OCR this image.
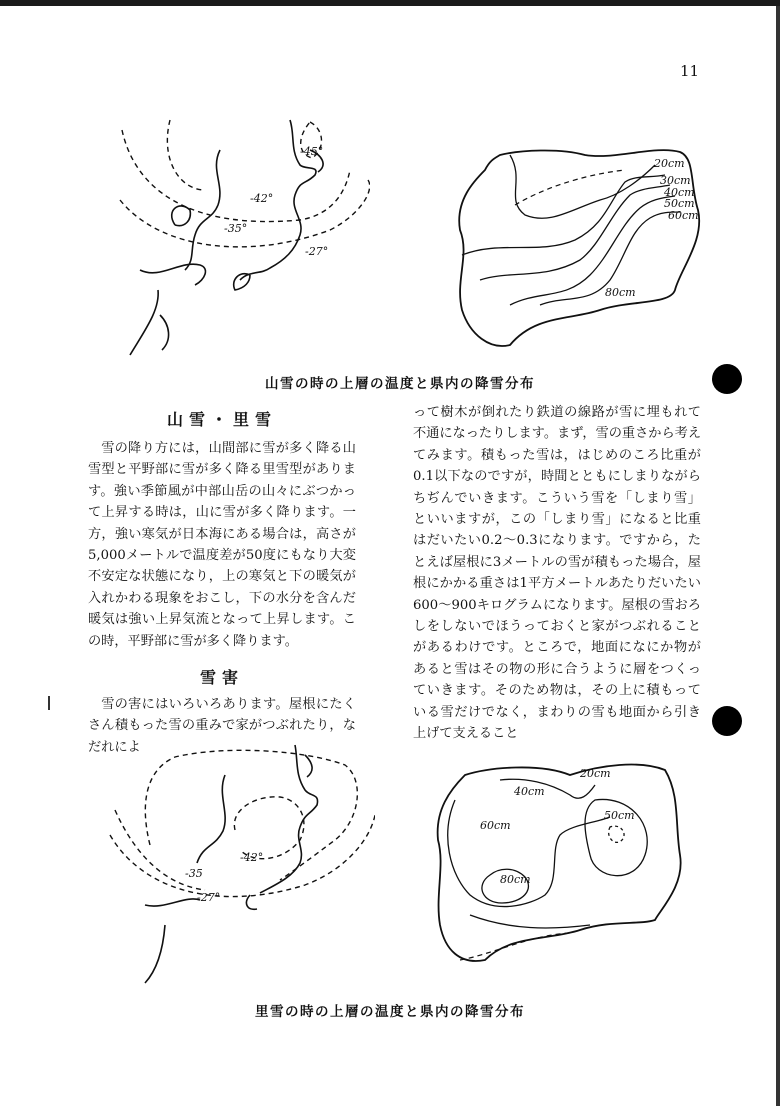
11
-45°
-42°
-35°
-27°
20cm
30cm
40cm
50cm
60cm
80cm
山雪の時の上層の温度と県内の降雪分布
山雪・里雪

雪の降り方には，山間部に雪が多く降る山雪型と平野部に雪が多く降る里雪型があります。強い季節風が中部山岳の山々にぶつかって上昇する時は，山に雪が多く降ります。一方，強い寒気が日本海にある場合は，高さが5,000メートルで温度差が50度にもなり大変不安定な状態になり，上の寒気と下の暖気が入れかわる現象をおこし，下の水分を含んだ暖気は強い上昇気流となって上昇します。この時，平野部に雪が多く降ります。

雪害

雪の害にはいろいろあります。屋根にたくさん積もった雪の重みで家がつぶれたり，なだれによ

って樹木が倒れたり鉄道の線路が雪に埋もれて不通になったりします。まず，雪の重さから考えてみます。積もった雪は，はじめのころ比重が0.1以下なのですが，時間とともにしまりながらちぢんでいきます。こういう雪を「しまり雪」といいますが，この「しまり雪」になると比重はだいたい0.2～0.3になります。ですから，たとえば屋根に3メートルの雪が積もった場合，屋根にかかる重さは1平方メートルあたりだいたい600～900キログラムになります。屋根の雪おろしをしないでほうっておくと家がつぶれることがあるわけです。ところで，地面になにか物があると雪はその物の形に合うように層をつくっていきます。そのため物は，その上に積もっている雪だけでなく，まわりの雪も地面から引き上げて支えること

-42°
-35
-27°
20cm
40cm
60cm
50cm
80cm
里雪の時の上層の温度と県内の降雪分布
